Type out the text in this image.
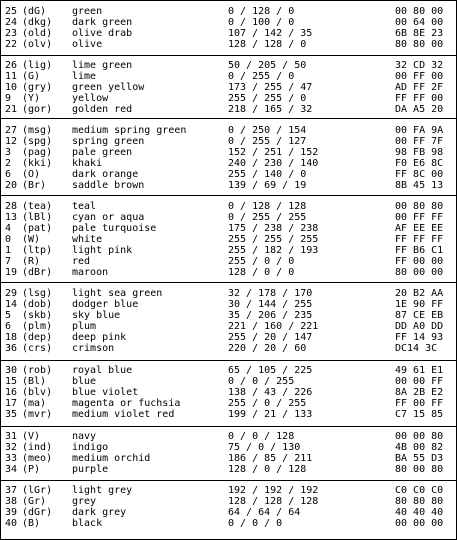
25 (dG)	green	0 / 128 / 0	00 80 00
24 (dkg) dark green	0 / 100 / 0	00 64 00
23 (old) olive drab	107 / 142 / 35	6B 8E 23
22 (olv) olive	128 / 128 / 0	80 80 00
26 (lig) lime green	50 / 205 / 50	32 CD 32
11 (G)	lime	0 / 255 / 0	00 FF 00
10 (gry) green yellow	173 / 255 / 47	AD FF 2F
9 (Y)	yellow	255 / 255 / 0	FF FF 00
21 (gor) golden red	218 / 165 / 32	DA A5 20
27 (msg) medium spring green	0 / 250 / 154	00 FA 9A
12 (spg) spring green	0 / 255 / 127	00 FF 7F
3 (pag) pale green	152 / 251 / 152	98 FB 98
2 (kki) khaki	240 / 230 / 140	F0 E6 8C
6 (O)	dark orange	255 / 140 / 0	FF 8C 00
20 (Br)	saddle brown	139 / 69 / 19	8B 45 13
28 (tea) teal	0 / 128 / 128	00 80 80
13 (lBl) cyan or aqua	0 / 255 / 255	00 FF FF
4 (pat) pale turquoise	175 / 238 / 238	AF EE EE
0 (W)	white	255 / 255 / 255	FF FF FF
1 (ltp) light pink	255 / 182 / 193	FF B6 C1
7 (R)	red	255 / 0 / 0	FF 00 00
19 (dBr) maroon	128 / 0 / 0	80 00 00
29 (lsg) light sea green	32 / 178 / 170	20 B2 AA
14 (dob) dodger blue	30 / 144 / 255	1E 90 FF
5 (skb) sky blue	35 / 206 / 235	87 CE EB
6 (plm) plum	221 / 160 / 221	DD A0 DD
18 (dep) deep pink	255 / 20 / 147	FF 14 93
36 (crs) crimson	220 / 20 / 60	DC14 3C
30 (rob) royal blue	65 / 105 / 225	49 61 E1
15 (Bl)	blue	0 / 0 / 255	00 00 FF
16 (blv) blue violet	138 / 43 / 226	8A 2B E2
17 (ma)	magenta or fuchsia	255 / 0 / 255	FF 00 FF
35 (mvr) medium violet red	199 / 21 / 133	C7 15 85
31 (V)	navy	0 / 0 / 128	00 00 80
32 (ind) indigo	75 / 0 / 130	4B 00 82
33 (meo) medium orchid	186 / 85 / 211	BA 55 D3
34 (P)	purple	128 / 0 / 128	80 00 80
37 (lGr) light grey	192 / 192 / 192	C0 C0 C0
38 (Gr)	grey	128 / 128 / 128	80 80 80
39 (dGr) dark grey	64 / 64 / 64	40 40 40
40 (B)	black	0 / 0 / 0	00 00 00
